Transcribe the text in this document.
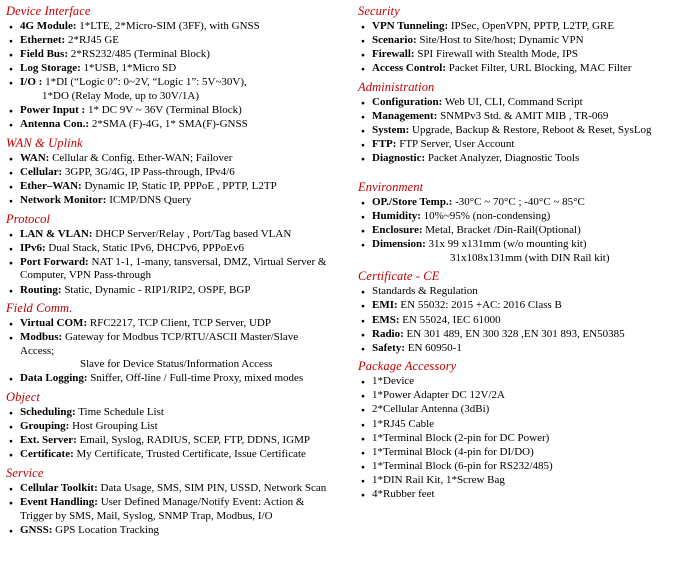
Device Interface
● 4G Module: 1*LTE, 2*Micro-SIM (3FF), with GNSS
● Ethernet: 2*RJ45 GE
● Field Bus: 2*RS232/485 (Terminal Block)
● Log Storage: 1*USB, 1*Micro SD
● I/O : 1*DI (“Logic 0”: 0~2V, “Logic 1”: 5V~30V),
1*DO (Relay Mode, up to 30V/1A)
● Power Input : 1* DC 9V ~ 36V (Terminal Block)
● Antenna Con.: 2*SMA (F)-4G, 1* SMA(F)-GNSS
WAN & Uplink
● WAN: Cellular & Config. Ether-WAN; Failover
● Cellular: 3GPP, 3G/4G, IP Pass-through, IPv4/6
● Ether–WAN: Dynamic IP, Static IP, PPPoE , PPTP, L2TP
● Network Monitor: ICMP/DNS Query
Protocol
● LAN & VLAN: DHCP Server/Relay , Port/Tag based VLAN
● IPv6: Dual Stack, Static IPv6, DHCPv6, PPPoEv6
● Port Forward: NAT 1-1, 1-many, tansversal, DMZ, Virtual Server &
Computer, VPN Pass-through
● Routing: Static, Dynamic - RIP1/RIP2, OSPF, BGP
Field Comm.
● Virtual COM: RFC2217, TCP Client, TCP Server, UDP
● Modbus: Gateway for Modbus TCP/RTU/ASCII Master/Slave
Access;
Slave for Device Status/Information Access
● Data Logging: Sniffer, Off-line / Full-time Proxy, mixed modes
Object
● Scheduling: Time Schedule List
● Grouping: Host Grouping List
● Ext. Server: Email, Syslog, RADIUS, SCEP, FTP, DDNS, IGMP
● Certificate: My Certificate, Trusted Certificate, Issue Certificate
Service
● Cellular Toolkit: Data Usage, SMS, SIM PIN, USSD, Network Scan
● Event Handling: User Defined Manage/Notify Event: Action &
Trigger by SMS, Mail, Syslog, SNMP Trap, Modbus, I/O
● GNSS: GPS Location Tracking
Security
● VPN Tunneling: IPSec, OpenVPN, PPTP, L2TP, GRE
● Scenario: Site/Host to Site/host; Dynamic VPN
● Firewall: SPI Firewall with Stealth Mode, IPS
● Access Control: Packet Filter, URL Blocking, MAC Filter
Administration
● Configuration: Web UI, CLI, Command Script
● Management: SNMPv3 Std. & AMIT MIB , TR-069
● System: Upgrade, Backup & Restore, Reboot & Reset, SysLog
● FTP: FTP Server, User Account
● Diagnostic: Packet Analyzer, Diagnostic Tools
Environment
● OP./Store Temp.: -30°C ~ 70°C ; -40°C ~ 85°C
● Humidity: 10%~95% (non-condensing)
● Enclosure: Metal, Bracket /Din-Rail(Optional)
● Dimension: 31x 99 x131mm (w/o mounting kit)
31x108x131mm (with DIN Rail kit)
Certificate - CE
● Standards & Regulation
● EMI: EN 55032: 2015 +AC: 2016 Class B
● EMS: EN 55024, IEC 61000
● Radio: EN 301 489, EN 300 328 ,EN 301 893, EN50385
● Safety: EN 60950-1
Package Accessory
● 1*Device
● 1*Power Adapter DC 12V/2A
● 2*Cellular Antenna (3dBi)
● 1*RJ45 Cable
● 1*Terminal Block (2-pin for DC Power)
● 1*Terminal Block (4-pin for DI/DO)
● 1*Terminal Block (6-pin for RS232/485)
● 1*DIN Rail Kit, 1*Screw Bag
● 4*Rubber feet
